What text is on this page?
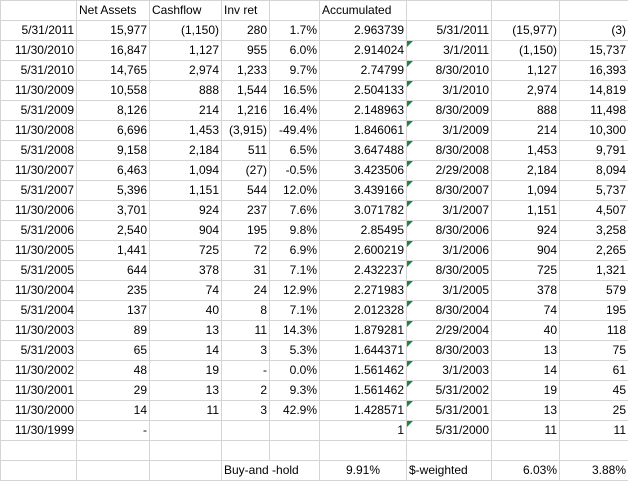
	Net Assets	Cashflow	Inv ret		Accumulated			
5/31/2011	15,977	(1,150)	280	1.7%	2.963739	5/31/2011	(15,977)	(3)
11/30/2010	16,847	1,127	955	6.0%	2.914024	3/1/2011	(1,150)	15,737
5/31/2010	14,765	2,974	1,233	9.7%	2.74799	8/30/2010	1,127	16,393
11/30/2009	10,558	888	1,544	16.5%	2.504133	3/1/2010	2,974	14,819
5/31/2009	8,126	214	1,216	16.4%	2.148963	8/30/2009	888	11,498
11/30/2008	6,696	1,453	(3,915)	-49.4%	1.846061	3/1/2009	214	10,300
5/31/2008	9,158	2,184	511	6.5%	3.647488	8/30/2008	1,453	9,791
11/30/2007	6,463	1,094	(27)	-0.5%	3.423506	2/29/2008	2,184	8,094
5/31/2007	5,396	1,151	544	12.0%	3.439166	8/30/2007	1,094	5,737
11/30/2006	3,701	924	237	7.6%	3.071782	3/1/2007	1,151	4,507
5/31/2006	2,540	904	195	9.8%	2.85495	8/30/2006	924	3,258
11/30/2005	1,441	725	72	6.9%	2.600219	3/1/2006	904	2,265
5/31/2005	644	378	31	7.1%	2.432237	8/30/2005	725	1,321
11/30/2004	235	74	24	12.9%	2.271983	3/1/2005	378	579
5/31/2004	137	40	8	7.1%	2.012328	8/30/2004	74	195
11/30/2003	89	13	11	14.3%	1.879281	2/29/2004	40	118
5/31/2003	65	14	3	5.3%	1.644371	8/30/2003	13	75
11/30/2002	48	19	-	0.0%	1.561462	3/1/2003	14	61
11/30/2001	29	13	2	9.3%	1.561462	5/31/2002	19	45
11/30/2000	14	11	3	42.9%	1.428571	5/31/2001	13	25
11/30/1999	-				1	5/31/2000	11	11

			Buy-and -hold		9.91%	$-weighted	6.03%	3.88%
